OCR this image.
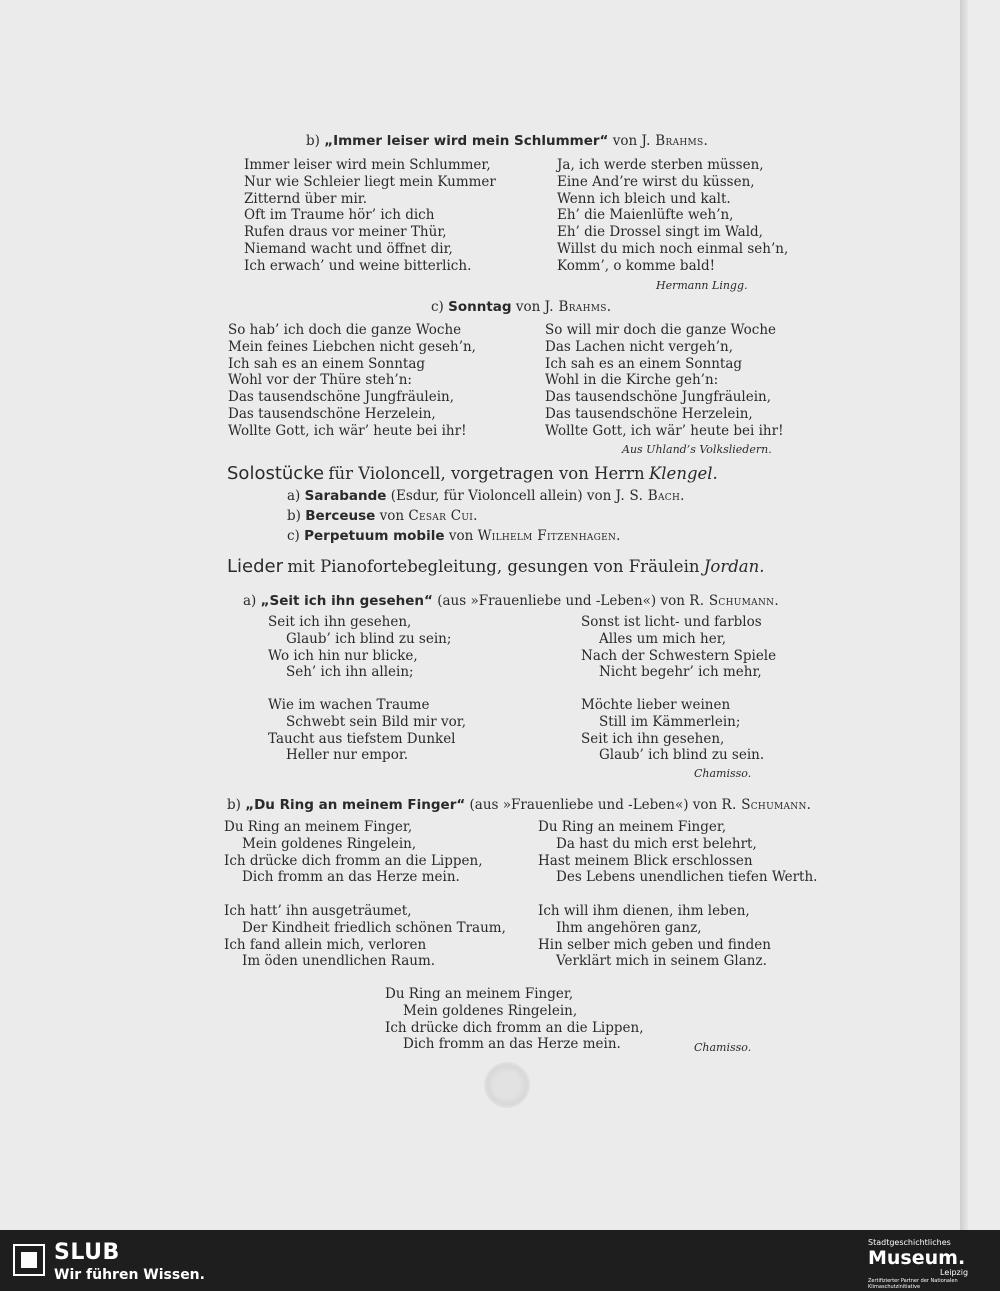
b) „Immer leiser wird mein Schlummer“ von J. Brahms.
Immer leiser wird mein Schlummer,
Nur wie Schleier liegt mein Kummer
Zitternd über mir.
Oft im Traume hör’ ich dich
Rufen draus vor meiner Thür,
Niemand wacht und öffnet dir,
Ich erwach’ und weine bitterlich.
Ja, ich werde sterben müssen,
Eine And’re wirst du küssen,
Wenn ich bleich und kalt.
Eh’ die Maienlüfte weh’n,
Eh’ die Drossel singt im Wald,
Willst du mich noch einmal seh’n,
Komm’, o komme bald!
Hermann Lingg.
c) Sonntag von J. Brahms.
So hab’ ich doch die ganze Woche
Mein feines Liebchen nicht geseh’n,
Ich sah es an einem Sonntag
Wohl vor der Thüre steh’n:
Das tausendschöne Jungfräulein,
Das tausendschöne Herzelein,
Wollte Gott, ich wär’ heute bei ihr!
So will mir doch die ganze Woche
Das Lachen nicht vergeh’n,
Ich sah es an einem Sonntag
Wohl in die Kirche geh’n:
Das tausendschöne Jungfräulein,
Das tausendschöne Herzelein,
Wollte Gott, ich wär’ heute bei ihr!
Aus Uhland’s Volksliedern.
Solostücke für Violoncell, vorgetragen von Herrn Klengel.
a) Sarabande (Esdur, für Violoncell allein) von J. S. Bach.
b) Berceuse von Cesar Cui.
c) Perpetuum mobile von Wilhelm Fitzenhagen.
Lieder mit Pianofortebegleitung, gesungen von Fräulein Jordan.
a) „Seit ich ihn gesehen“ (aus »Frauenliebe und -Leben«) von R. Schumann.
Seit ich ihn gesehen,
Glaub’ ich blind zu sein;
Wo ich hin nur blicke,
Seh’ ich ihn allein;
Wie im wachen Traume
Schwebt sein Bild mir vor,
Taucht aus tiefstem Dunkel
Heller nur empor.
Sonst ist licht- und farblos
Alles um mich her,
Nach der Schwestern Spiele
Nicht begehr’ ich mehr,
Möchte lieber weinen
Still im Kämmerlein;
Seit ich ihn gesehen,
Glaub’ ich blind zu sein.
Chamisso.
b) „Du Ring an meinem Finger“ (aus »Frauenliebe und -Leben«) von R. Schumann.
Du Ring an meinem Finger,
Mein goldenes Ringelein,
Ich drücke dich fromm an die Lippen,
Dich fromm an das Herze mein.
Ich hatt’ ihn ausgeträumet,
Der Kindheit friedlich schönen Traum,
Ich fand allein mich, verloren
Im öden unendlichen Raum.
Du Ring an meinem Finger,
Da hast du mich erst belehrt,
Hast meinem Blick erschlossen
Des Lebens unendlichen tiefen Werth.
Ich will ihm dienen, ihm leben,
Ihm angehören ganz,
Hin selber mich geben und finden
Verklärt mich in seinem Glanz.
Du Ring an meinem Finger,
Mein goldenes Ringelein,
Ich drücke dich fromm an die Lippen,
Dich fromm an das Herze mein.	Chamisso.
SLUB
Wir führen Wissen.
Stadtgeschichtliches
Museum.
Leipzig
Zertifizierter Partner der Nationalen Klimaschutzinitiative
